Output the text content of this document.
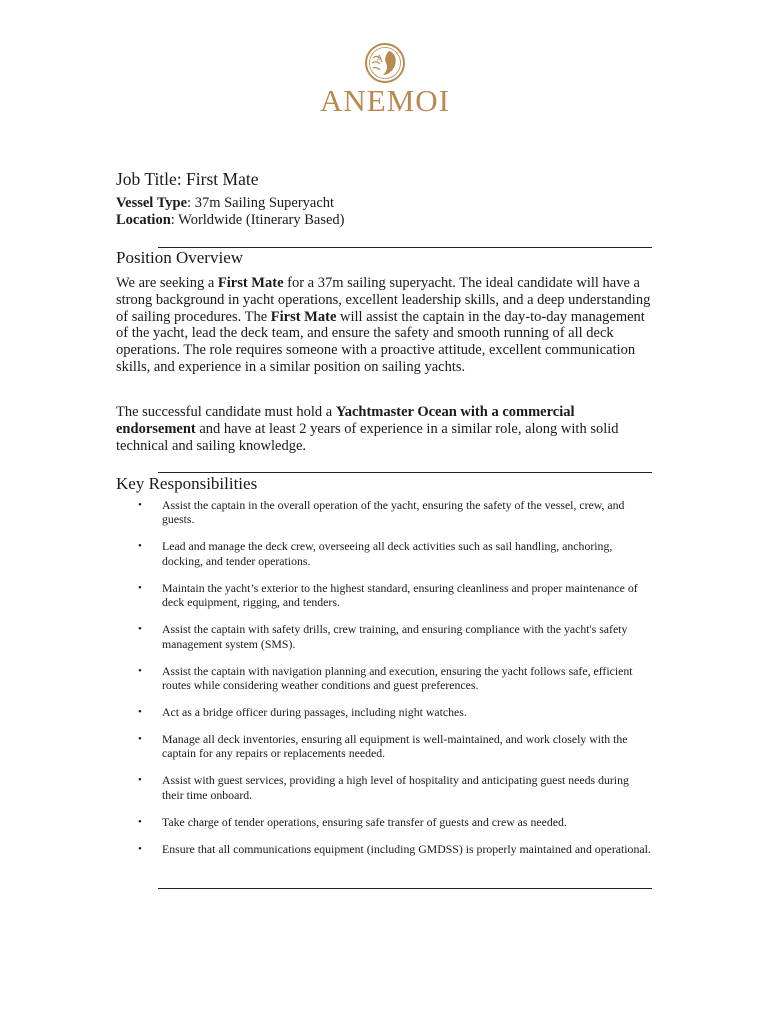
A
ANEMOI
Job Title: First Mate
Vessel Type: 37m Sailing Superyacht
Location: Worldwide (Itinerary Based)
Position Overview

We are seeking a First Mate for a 37m sailing superyacht. The ideal candidate will have a strong background in yacht operations, excellent leadership skills, and a deep understanding of sailing procedures. The First Mate will assist the captain in the day-to-day management of the yacht, lead the deck team, and ensure the safety and smooth running of all deck operations. The role requires someone with a proactive attitude, excellent communication skills, and experience in a similar position on sailing yachts.

The successful candidate must hold a Yachtmaster Ocean with a commercial endorsement and have at least 2 years of experience in a similar role, along with solid technical and sailing knowledge.

Key Responsibilities
• Assist the captain in the overall operation of the yacht, ensuring the safety of the vessel, crew, and guests.
• Lead and manage the deck crew, overseeing all deck activities such as sail handling, anchoring, docking, and tender operations.
• Maintain the yacht’s exterior to the highest standard, ensuring cleanliness and proper maintenance of deck equipment, rigging, and tenders.
• Assist the captain with safety drills, crew training, and ensuring compliance with the yacht's safety management system (SMS).
• Assist the captain with navigation planning and execution, ensuring the yacht follows safe, efficient routes while considering weather conditions and guest preferences.
• Act as a bridge officer during passages, including night watches.
• Manage all deck inventories, ensuring all equipment is well-maintained, and work closely with the captain for any repairs or replacements needed.
• Assist with guest services, providing a high level of hospitality and anticipating guest needs during their time onboard.
• Take charge of tender operations, ensuring safe transfer of guests and crew as needed.
• Ensure that all communications equipment (including GMDSS) is properly maintained and operational.
